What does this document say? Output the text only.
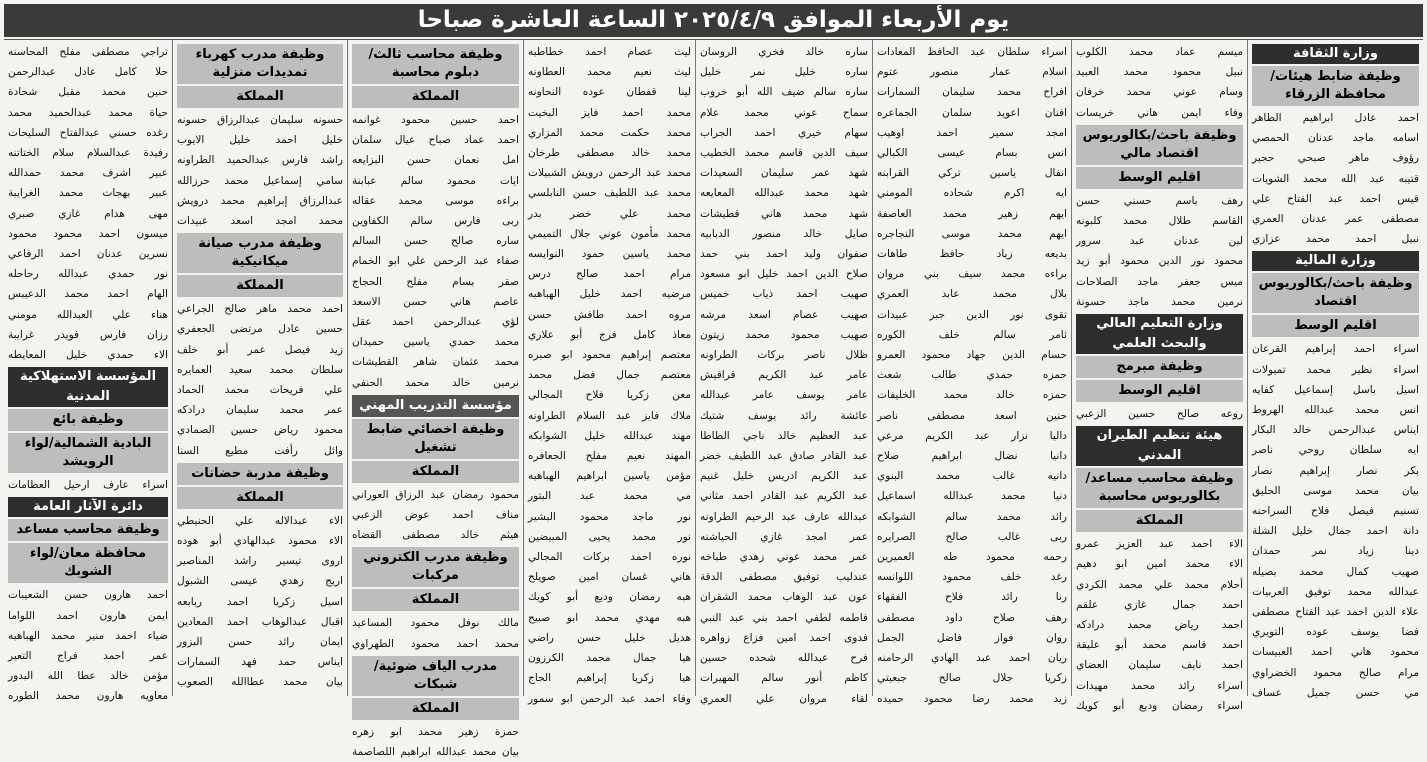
يوم الأربعاء الموافق ٢٠٢٥/٤/٩ الساعة العاشرة صباحا
وزارة الثقافة
وظيفة ضابط هيئات/محافظة الزرقاء
احمد عادل ابراهيم الطاهر
اسامه ماجد عدنان الحمصي
رؤوف ماهر صبحي حجير
قتيبه عبد الله محمد الشويات
قيس احمد عبد الفتاح علي
مصطفى عمر عدنان العمري
نبيل احمد محمد عزازي
وزارة المالية
وظيفة باحث/بكالوريوس اقتصاد
اقليم الوسط
اسراء احمد إبراهيم القرعان
اسراء نظير محمد تميولات
اسيل باسل إسماعيل كفايه
انس محمد عبدالله الهروط
ايناس عبدالرحمن خالد البكار
ايه سلطان روحي ناصر
بكر نصار إبراهيم نصار
بيان محمد موسى الحليق
تسنيم فيصل فلاح السراحنه
دانة احمد جمال خليل الشلة
دينا زياد نمر حمدان
صهيب كمال محمد بصيله
عبدالله محمد توفيق العربيات
علاء الدين احمد عبد الفتاح مصطفى
فضا يوسف عوده التويري
محمود هاني احمد العبيسات
مرام صالح محمود الخضراوي
مي حسن جميل عساف
ميسم عماد محمد الكلوب
نبيل محمود محمد العبيد
وسام عوني محمد خرفان
وفاء ايمن هاني خريسات
وظيفة باحث/بكالوريوس اقتصاد مالي
اقليم الوسط
رهف باسم حسني حسن
القاسم طلال محمد كلبونه
لين عدنان عبد سرور
محمود نور الدين محمود أبو زيد
ميس جعفر ماجد الصلاحات
نرمين محمد ماجد حسونة
وزارة التعليم العالي والبحث العلمي
وظيفة مبرمج
اقليم الوسط
روعه صالح حسين الزعبي
هيئة تنظيم الطيران المدني
وظيفة محاسب مساعد/بكالوريوس محاسبة
المملكة
الاء احمد عبد العزيز عمرو
الاء محمد امين ابو دهيم
أحلام محمد علي محمد الكردي
احمد جمال غازي علقم
احمد رياض محمد درادكه
احمد قاسم محمد أبو عليقة
احمد نايف سليمان العضاي
اسراء رائد محمد مهيدات
اسراء رمضان وديع أبو كويك
اسراء سلطان عبد الحافظ المعادات
اسلام عمار منصور عتوم
افراح محمد سليمان السمارات
افنان اعويد سلمان الجماعره
امجد سمير احمد اوهيب
انس بسام عيسى الكبالي
انفال ياسين تركي القرابنه
ايه اكرم شحاده المومني
ايهم زهير محمد العاصفة
ايهم محمد موسى النجاجره
بديعه زياد حافظ طاهات
براءه محمد سيف بني مروان
بلال محمد عابد العمري
تقوى نور الدين جبر عبيدات
ثامر سالم خلف الكوره
حسام الدين جهاد محمود العمرو
حمزه حمدي طالب شعث
حمزه خالد محمد الخليفات
حنين اسعد مصطفى ناصر
داليا نزار عبد الكريم مرعي
دانيا نضال ابراهيم صلاح
دانيه غالب محمد البنوي
دنيا محمد عبدالله اسماعيل
رائد محمد سالم الشوابكه
ربى غالب صالح الصرايره
رحمه محمود طه العميرين
رغد خلف محمود اللوانسه
رنا رائد فلاح الفقهاء
رهف صلاح داود مصطفى
روان فواز فاضل الجمل
ريان احمد عبد الهادي الرحامنه
زكريا جلال صالح جبعيتي
زيد محمد رضا محمود حميده
ساره خالد فخري الروسان
ساره خليل نمر خليل
ساره سالم ضيف الله أبو خروب
سماح عوني محمد علام
سهام خيري احمد الجراب
سيف الدين قاسم محمد الخطيب
شهد عمر سليمان السعيدات
شهد محمد عبدالله المعايعه
شهد محمد هاني قطيشات
صايل خالد منصور الدبابيه
صفوان وليد احمد بني حمد
صلاح الدين احمد خليل ابو مسعود
صهيب احمد ذياب خميس
صهيب عصام اسعد مرشه
صهيب محمود محمد زيتون
ظلال ناصر بركات الطراونه
عامر عبد الكريم قراقيش
عامر يوسف عامر عبدالله
عائشة رائد يوسف شتيك
عبد العظيم خالد ناجي الطاطا
عبد القادر صادق عبد اللطيف خضر
عبد الكريم ادريس خليل غنيم
عبد الكريم عبد القادر احمد مثاني
عبدالله عارف عبد الرحيم الطراونه
عمر امجد غازي الحياشنه
عمر محمد عوني زهدي طباخه
عندليب توفيق مصطفى الدقة
عون عبد الوهاب محمد الشقران
فاطمه لطفي احمد بني عبد النبي
فدوى احمد امين فزاع زواهره
فرح عبدالله شحده حسين
كاظم أنور سالم المهيرات
لقاء مروان علي العمري
ليث عصام احمد خطاطبه
ليث نعيم محمد العطاونه
لينا قفطان عوده النحاونه
محمد احمد فايز البخيت
محمد حكمت محمد المزاري
محمد خالد مصطفى طرخان
محمد عبد الرحمن درويش الشبيلات
محمد عبد اللطيف حسن النابلسي
محمد علي خضر بدر
محمد مأمون عوني جلال التميمي
محمد ياسين حمود النوايسه
مرام احمد صالح درس
مرضيه احمد خليل الهباهبه
مروه احمد طافش حسن
معاذ كامل فرج أبو علاري
معتصم إبراهيم محمود ابو صبره
معتصم جمال فضل محمد
معن زكريا فلاح المجالي
ملاك فايز عبد السلام الطراونه
مهند عبدالله خليل الشوابكه
المهند نعيم مفلح الجعافره
مؤمن ياسين ابراهيم الهباهبه
مي محمد عبد البتور
نور ماجد محمود البشير
نور محمد يحيى المبيضين
نوره احمد بركات المجالي
هاني غسان امين صويلح
هبه رمضان وديع أبو كويك
هبه مهدي محمد ابو صبيح
هديل خليل حسن راضي
هيا جمال محمد الكرزون
هيا زكريا إبراهيم الحاج
وفاء احمد عبد الرحمن ابو سمور
وظيفة محاسب ثالث/دبلوم محاسبة
المملكة
احمد حسين محمود غوانمه
احمد عماد صباح عيال سلمان
امل نعمان حسن البزايعه
ايات محمود سالم عبابنة
براءه موسى محمد عقاله
ربى فارس سالم الكفاوين
ساره صالح حسن السالم
صفاء عبد الرحمن علي ابو الخمام
صقر بسام مفلح الحجاج
عاصم هاني حسن الاسعد
لؤي عبدالرحمن احمد عقل
محمد حمدي ياسين حميدان
محمد عثمان شاهر القطيشات
نرمين خالد محمد الحنفي
مؤسسة التدريب المهني
وظيفة اخصائي ضابط تشغيل
المملكة
محمود رمضان عبد الرزاق العوراني
مناف احمد عوض الزعبي
هيثم خالد مصطفى القضاه
وظيفة مدرب الكتروني مركبات
المملكة
مالك نوفل محمود المساعيد
محمد احمد محمود الطهراوي
مدرب الياف ضوئية/شبكات
المملكة
حمزة زهير محمد ابو زهره
بيان محمد عبدالله ابراهيم اللصاصمة
وظيفة مدرب كهرباء تمديدات منزلية
المملكة
حسونه سليمان عبدالرزاق حسونه
خليل احمد خليل الايوب
راشد فارس عبدالحميد الطراونه
سامي إسماعيل محمد حرزالله
عبدالرزاق إبراهيم محمد درويش
محمد امجد اسعد عبيدات
وظيفة مدرب صيانة ميكانيكية
المملكة
احمد محمد ماهر صالح الجراعي
حسين عادل مرتضى الجعفري
زيد فيصل عمر أبو خلف
سلطان محمد سعيد العمايره
علي فريحات محمد الحماد
عمر محمد سليمان درادكه
محمود رياض حسين الصمادي
وائل رأفت مطيع السنا
وظيفة مدربة حضانات
المملكة
الاء عبدالاله علي الحنيطي
الاء محمود عبدالهادي أبو هوده
اروى تيسير راشد المناصير
اريج زهدي عيسى الشبول
اسيل زكريا احمد ربابعه
اقبال عبدالوهاب احمد المعادين
ايمان رائد حسن البزور
ايناس حمد فهد السمارات
بيان محمد عطاالله الصعوب
تراجي مصطفى مفلح المحاسنه
حلا كامل عادل عبدالرحمن
حنين محمد مقبل شحادة
حياة محمد عبدالحميد محمد
رغده حسني عبدالفتاح السليحات
رفيدة عبدالسلام سلام الختاتنه
عبير اشرف محمد حمدالله
عبير بهجات محمد الغرايبة
مهى هدام غازي صبري
ميسون احمد محمود محمود
نسرين عدنان احمد الرفاعي
نور حمدي عبدالله رحاحله
الهام احمد محمد الدعيبس
هناء علي العبدالله مومني
رزان فارس فويدر غرايبة
الاء حمدي خليل المعايطه
المؤسسة الاستهلاكية المدنية
وظيفة بائع
البادية الشمالية/لواء الرويشد
اسراء عارف ارحيل العظامات
دائرة الآثار العامة
وظيفة محاسب مساعد
محافظة معان/لواء الشوبك
احمد هارون حسن الشعيبات
ايمن هارون احمد اللواما
ضياء احمد منير محمد الهباهبه
عمر احمد فراج التعير
مؤمن خالد عطا الله البدور
معاويه هارون محمد الطوره
